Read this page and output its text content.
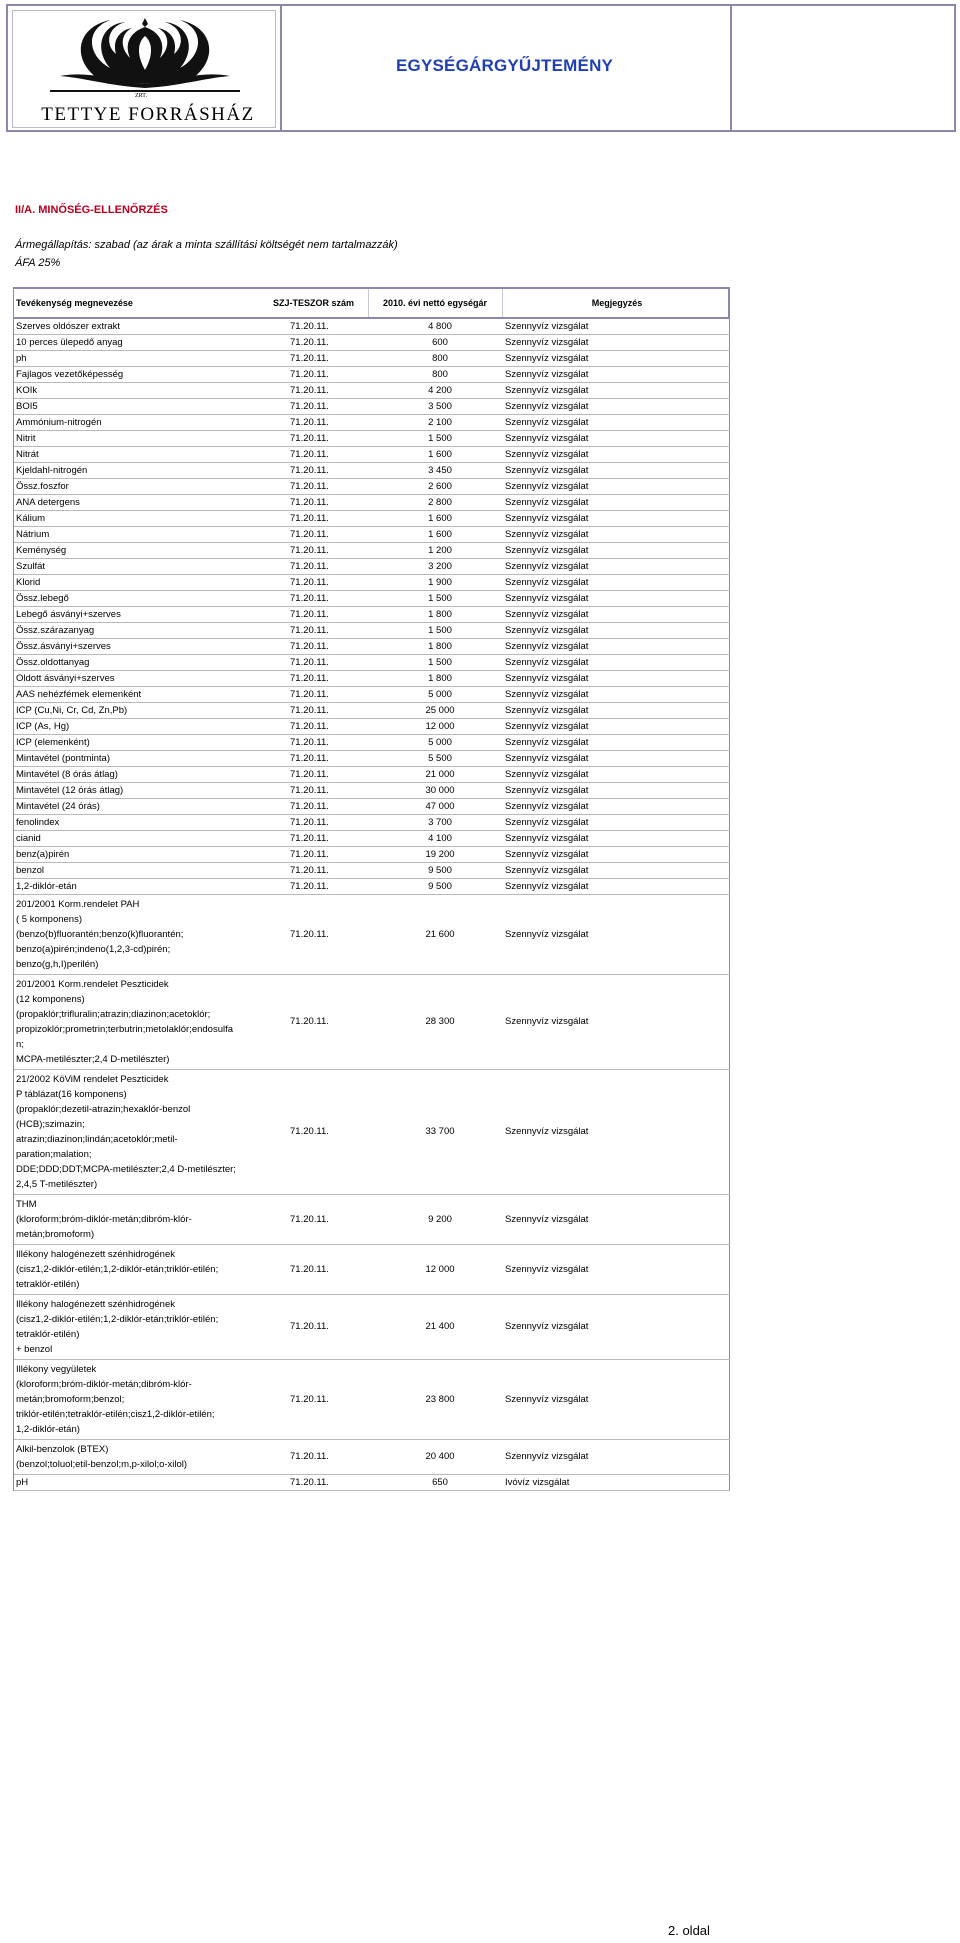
ZRT.
TETTYE FORRÁSHÁZ
EGYSÉGÁRGYŰJTEMÉNY
II/A. MINŐSÉG-ELLENŐRZÉS
Ármegállapítás: szabad (az árak a minta szállítási költségét nem tartalmazzák)
ÁFA 25%
Tevékenység megnevezése	SZJ-TESZOR szám	2010. évi nettó egységár	Megjegyzés
Szerves oldószer extrakt	71.20.11.	4 800	Szennyvíz vizsgálat
10 perces ülepedő anyag	71.20.11.	600	Szennyvíz vizsgálat
ph	71.20.11.	800	Szennyvíz vizsgálat
Fajlagos vezetőképesség	71.20.11.	800	Szennyvíz vizsgálat
KOIk	71.20.11.	4 200	Szennyvíz vizsgálat
BOI5	71.20.11.	3 500	Szennyvíz vizsgálat
Ammónium-nitrogén	71.20.11.	2 100	Szennyvíz vizsgálat
Nitrit	71.20.11.	1 500	Szennyvíz vizsgálat
Nitrát	71.20.11.	1 600	Szennyvíz vizsgálat
Kjeldahl-nitrogén	71.20.11.	3 450	Szennyvíz vizsgálat
Össz.foszfor	71.20.11.	2 600	Szennyvíz vizsgálat
ANA detergens	71.20.11.	2 800	Szennyvíz vizsgálat
Kálium	71.20.11.	1 600	Szennyvíz vizsgálat
Nátrium	71.20.11.	1 600	Szennyvíz vizsgálat
Keménység	71.20.11.	1 200	Szennyvíz vizsgálat
Szulfát	71.20.11.	3 200	Szennyvíz vizsgálat
Klorid	71.20.11.	1 900	Szennyvíz vizsgálat
Össz.lebegő	71.20.11.	1 500	Szennyvíz vizsgálat
Lebegő ásványi+szerves	71.20.11.	1 800	Szennyvíz vizsgálat
Össz.szárazanyag	71.20.11.	1 500	Szennyvíz vizsgálat
Össz.ásványi+szerves	71.20.11.	1 800	Szennyvíz vizsgálat
Össz.oldottanyag	71.20.11.	1 500	Szennyvíz vizsgálat
Oldott ásványi+szerves	71.20.11.	1 800	Szennyvíz vizsgálat
AAS nehézfémek elemenként	71.20.11.	5 000	Szennyvíz vizsgálat
ICP (Cu,Ni, Cr, Cd, Zn,Pb)	71.20.11.	25 000	Szennyvíz vizsgálat
ICP (As, Hg)	71.20.11.	12 000	Szennyvíz vizsgálat
ICP (elemenként)	71.20.11.	5 000	Szennyvíz vizsgálat
Mintavétel (pontminta)	71.20.11.	5 500	Szennyvíz vizsgálat
Mintavétel (8 órás átlag)	71.20.11.	21 000	Szennyvíz vizsgálat
Mintavétel (12 órás átlag)	71.20.11.	30 000	Szennyvíz vizsgálat
Mintavétel (24 órás)	71.20.11.	47 000	Szennyvíz vizsgálat
fenolindex	71.20.11.	3 700	Szennyvíz vizsgálat
cianid	71.20.11.	4 100	Szennyvíz vizsgálat
benz(a)pirén	71.20.11.	19 200	Szennyvíz vizsgálat
benzol	71.20.11.	9 500	Szennyvíz vizsgálat
1,2-diklór-etán	71.20.11.	9 500	Szennyvíz vizsgálat
201/2001 Korm.rendelet PAH
( 5 komponens)
(benzo(b)fluorantén;benzo(k)fluorantén;
benzo(a)pirén;indeno(1,2,3-cd)pirén;
benzo(g,h,I)perilén)
71.20.11.	21 600	Szennyvíz vizsgálat
201/2001 Korm.rendelet Peszticidek
(12 komponens)
(propaklór;trifluralin;atrazin;diazinon;acetoklór;
propizoklór;prometrin;terbutrin;metolaklór;endosulfa
n;
MCPA-metilészter;2,4 D-metilészter)
71.20.11.	28 300	Szennyvíz vizsgálat
21/2002 KöViM rendelet Peszticidek
P táblázat(16 komponens)
(propaklór;dezetil-atrazin;hexaklór-benzol
(HCB);szimazin;
atrazin;diazinon;lindán;acetoklór;metil-
paration;malation;
DDE;DDD;DDT;MCPA-metilészter;2,4 D-metilészter;
2,4,5 T-metilészter)
71.20.11.	33 700	Szennyvíz vizsgálat
THM
(kloroform;bróm-diklór-metán;dibróm-klór-
metán;bromoform)
71.20.11.	9 200	Szennyvíz vizsgálat
Illékony halogénezett szénhidrogének
(cisz1,2-diklór-etilén;1,2-diklór-etán;triklór-etilén;
tetraklór-etilén)
71.20.11.	12 000	Szennyvíz vizsgálat
Illékony halogénezett szénhidrogének
(cisz1,2-diklór-etilén;1,2-diklór-etán;triklór-etilén;
tetraklór-etilén)
+ benzol
71.20.11.	21 400	Szennyvíz vizsgálat
Illékony vegyületek
(kloroform;bróm-diklór-metán;dibróm-klór-
metán;bromoform;benzol;
triklór-etilén;tetraklór-etilén;cisz1,2-diklór-etilén;
1,2-diklór-etán)
71.20.11.	23 800	Szennyvíz vizsgálat
Alkil-benzolok (BTEX)
(benzol;toluol;etil-benzol;m,p-xilol;o-xilol)
71.20.11.	20 400	Szennyvíz vizsgálat
pH	71.20.11.	650	Ivóvíz vizsgálat
2. oldal
